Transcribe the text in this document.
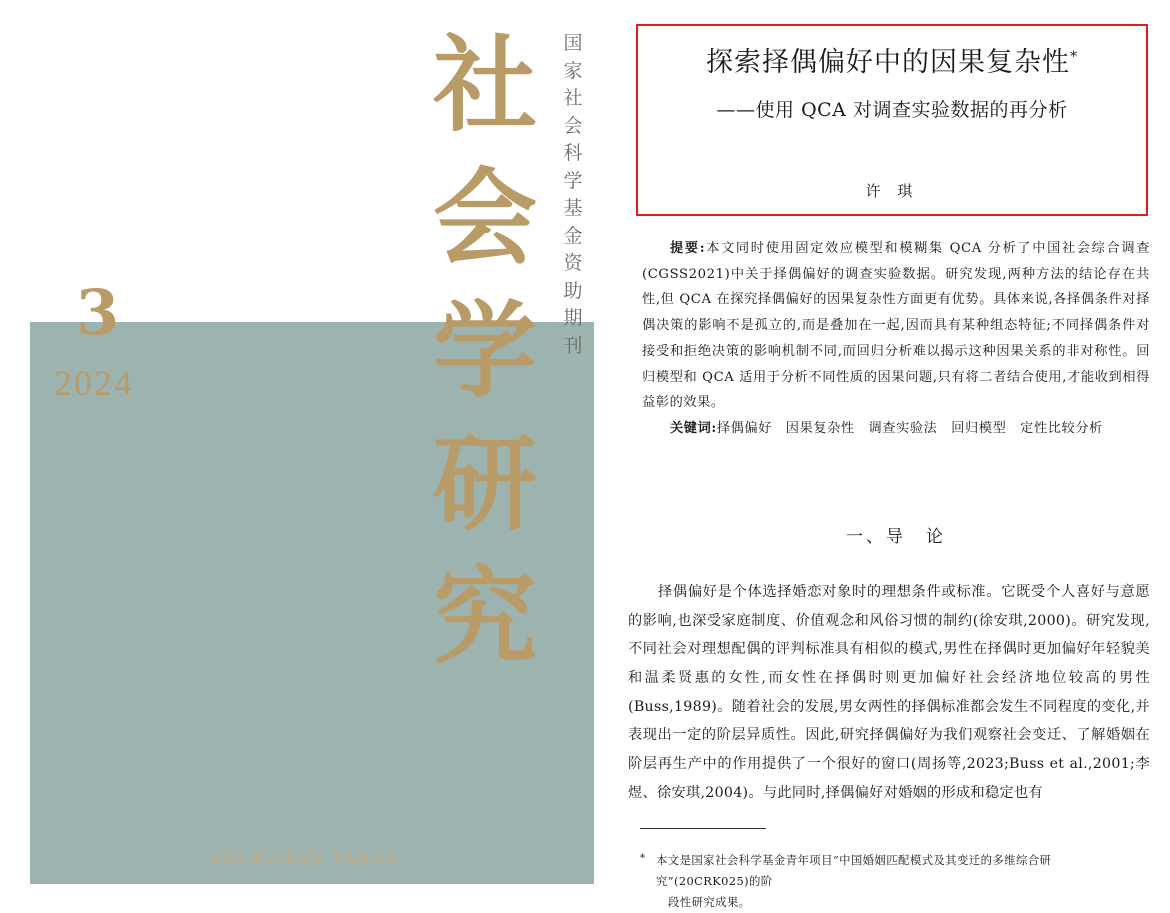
社
会
学
研
究
国
家
社
会
科
学
基
金
资
助
期
刊
3
2024
SHEHUIXUE YANJIU
探索择偶偏好中的因果复杂性*
——使用 QCA 对调查实验数据的再分析
许 琪

提要:本文同时使用固定效应模型和模糊集 QCA 分析了中国社会综合调查(CGSS2021)中关于择偶偏好的调查实验数据。研究发现,两种方法的结论存在共性,但 QCA 在探究择偶偏好的因果复杂性方面更有优势。具体来说,各择偶条件对择偶决策的影响不是孤立的,而是叠加在一起,因而具有某种组态特征;不同择偶条件对接受和拒绝决策的影响机制不同,而回归分析难以揭示这种因果关系的非对称性。回归模型和 QCA 适用于分析不同性质的因果问题,只有将二者结合使用,才能收到相得益彰的效果。

关键词:择偶偏好　因果复杂性　调查实验法　回归模型　定性比较分析

一、导　论

择偶偏好是个体选择婚恋对象时的理想条件或标准。它既受个人喜好与意愿的影响,也深受家庭制度、价值观念和风俗习惯的制约(徐安琪,2000)。研究发现,不同社会对理想配偶的评判标准具有相似的模式,男性在择偶时更加偏好年轻貌美和温柔贤惠的女性,而女性在择偶时则更加偏好社会经济地位较高的男性(Buss,1989)。随着社会的发展,男女两性的择偶标准都会发生不同程度的变化,并表现出一定的阶层异质性。因此,研究择偶偏好为我们观察社会变迁、了解婚姻在阶层再生产中的作用提供了一个很好的窗口(周扬等,2023;Buss et al.,2001;李煜、徐安琪,2004)。与此同时,择偶偏好对婚姻的形成和稳定也有

* 本文是国家社会科学基金青年项目“中国婚姻匹配模式及其变迁的多维综合研究”(20CRK025)的阶
段性研究成果。
